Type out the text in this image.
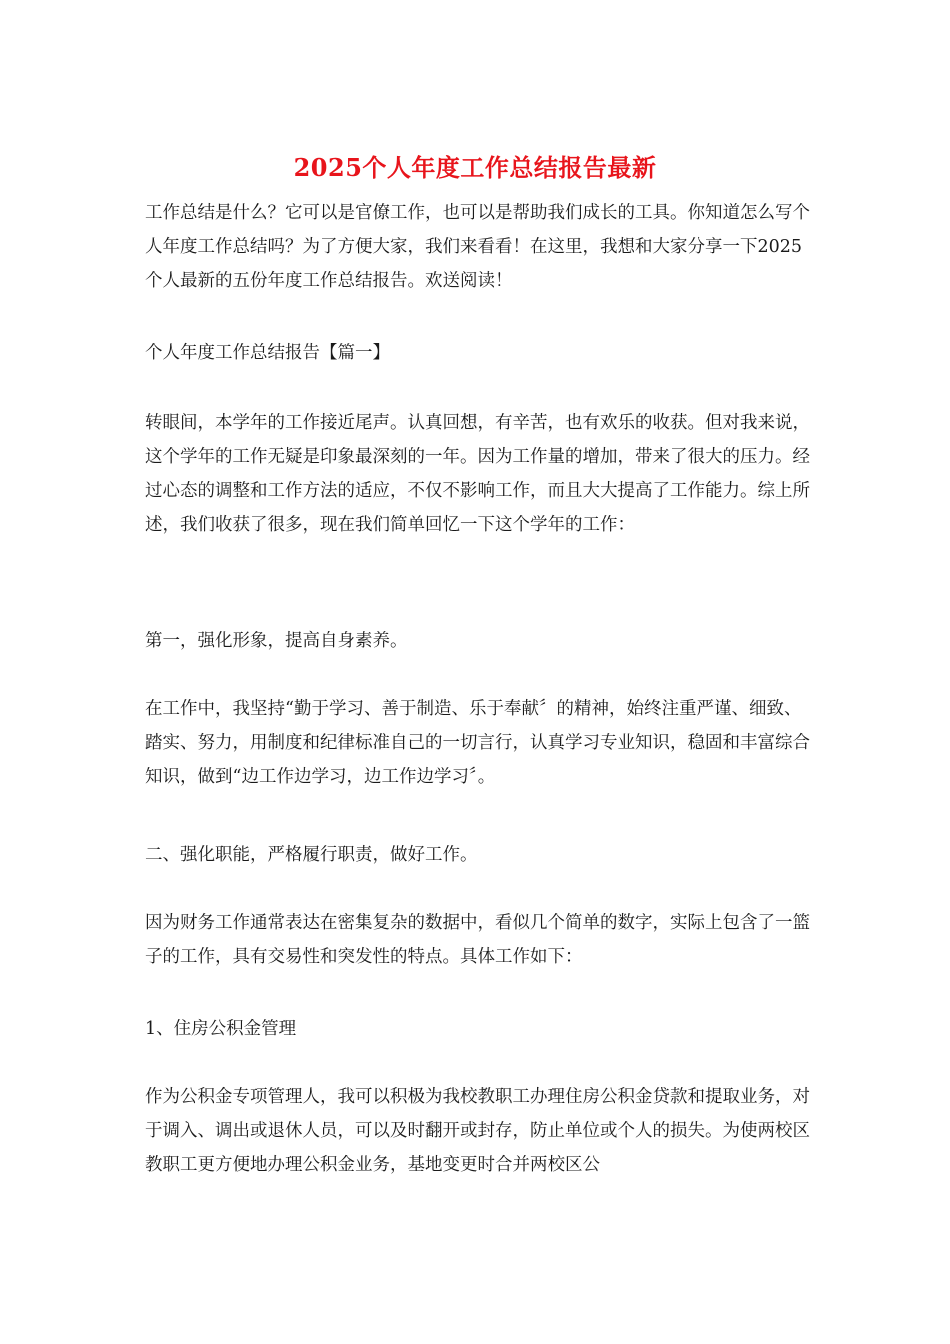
2025个人年度工作总结报告最新

工作总结是什么？它可以是官僚工作，也可以是帮助我们成长的工具。你知道怎么写个人年度工作总结吗？为了方便大家，我们来看看！在这里，我想和大家分享一下2025个人最新的五份年度工作总结报告。欢送阅读！

个人年度工作总结报告【篇一】

转眼间，本学年的工作接近尾声。认真回想，有辛苦，也有欢乐的收获。但对我来说，这个学年的工作无疑是印象最深刻的一年。因为工作量的增加，带来了很大的压力。经过心态的调整和工作方法的适应，不仅不影响工作，而且大大提高了工作能力。综上所述，我们收获了很多，现在我们简单回忆一下这个学年的工作：

第一，强化形象，提高自身素养。

在工作中，我坚持“勤于学习、善于制造、乐于奉献〞的精神，始终注重严谨、细致、踏实、努力，用制度和纪律标准自己的一切言行，认真学习专业知识，稳固和丰富综合知识，做到“边工作边学习，边工作边学习〞。

二、强化职能，严格履行职责，做好工作。

因为财务工作通常表达在密集复杂的数据中，看似几个简单的数字，实际上包含了一篮子的工作，具有交易性和突发性的特点。具体工作如下：

1、住房公积金管理

作为公积金专项管理人，我可以积极为我校教职工办理住房公积金贷款和提取业务，对于调入、调出或退休人员，可以及时翻开或封存，防止单位或个人的损失。为使两校区教职工更方便地办理公积金业务，基地变更时合并两校区公
